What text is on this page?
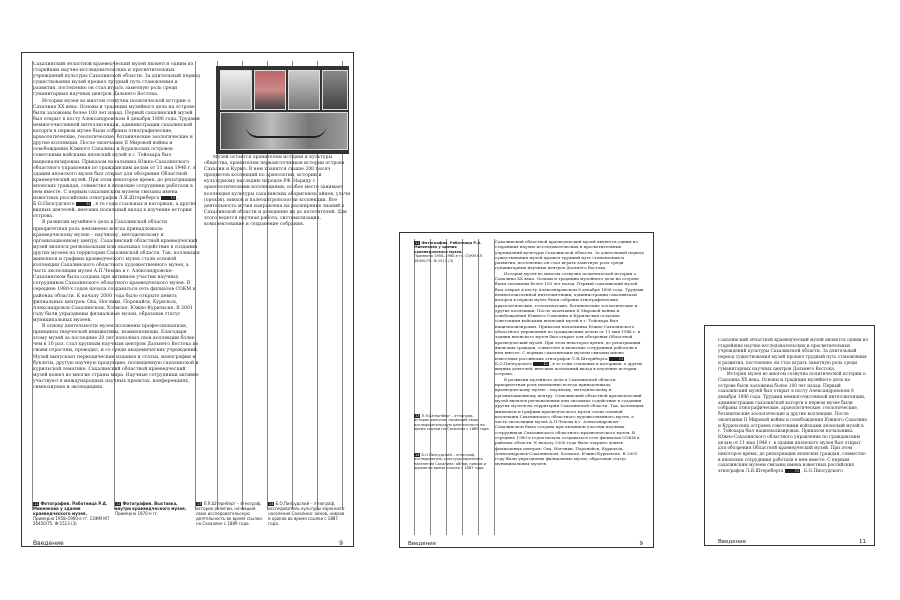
Сахалинский областной краеведческий музей является одним из старейших научно-исследовательских и просветительных учреждений культуры Сахалинской области. За длительный период существования музей прошел трудный путь становления и развития, постепенно он стал играть заметную роль среди гуманитарных научных центров Дальнего Востока.

История музея во многом созвучна политической истории о. Сахалина XX века. Основы и традиции музейного дела на острове были заложены более 100 лет назад. Первый сахалинский музей был открыт в посту Александровском 8 декабря 1896 года. Трудами немногочисленной интеллигенции, администрации сахалинской каторги в первом музее были собраны этнографические, археологические, геологические, ботанические зоологические и другие коллекции. После окончания II Мировой войны и освобождения Южного Сахалина и Курильских островов советскими войсками японский музей в г. Тойохара был национализирован. Приказом начальника Южно-Сахалинского областного управления по гражданским делам от 11 мая 1946 г. в здании японского музея был открыт для обозрения Областной краеведческий музей. При этом некоторое время, до репатриации японских граждан, совместно в японские сотрудники работали в нем вместе. С первым сахалинским музеем связаны имена известных российских этнографов Л.Я.Штернберга	11 , Б.О.Пилсудского	12 , в те годы ссыльных и каторжан, а других видных деятелей, внесших посильный вклад в изучение истории острова.

В развитии музейного дела в Сахалинской области приоритетная роль неизменно всегда принадлежала краеведческому музею – научному, методическому и организационному центру. Сахалинский областной краеведческий музей являлся региональным или оказывал содействие в создании других музеев на территории Сахалинской области. Так, коллекция живописи и графики краеведческого музея стали основой коллекции Сахалинского областного художественного музея, а часть экспозиции музея А.П.Чехова в г. Александровске-Сахалинском была создана при активном участии научных сотрудников Сахалинского областного краеведческого музея. В середине 1980-х годов начала создаваться сеть филиалов СОКМ в районах области. К началу 2000 года было открыто девять филиальных центров: Оха, Ноглики, Поронайск, Курильск, Александровск-Сахалинском, Холмске, Южно-Курильске. В 2001 году были упразднены филиальные музеи, образовав статус муниципальных музеев.

В основу деятельности музея положены профессионализм, принципы творческой инициативы, взаимопомощи. Благодаря этому музей за последние 20 лет пополнил свои коллекции более чем в 10 раз, стал крупным научным центром Дальнего Востока по своим отраслям, проводил, и со среди академических учреждений. Музей выпускает периодические издания и статьи, монографии и буклеты, другую научную продукцию, посвященную сахалинской и курильской тематике. Сахалинский областной краеведческий музей вошел во многие страны мира. Научные сотрудники активно участвуют в международных научных проектах, конференциях, симпозиумах и экспедициях.

Музей остается хранителем истории и культуры общества, хранителем первоисточников истории острова Сахалин и Курил. В нем хранятся свыше 200 тысяч предметов коллекций по археологии, истории и культурному наследию народов РФ. Наряду с археологическими коллекциями, особое место занимает коллекция культуры сахалинских аборигенов: айнов, ульчи (орохов), нивхов и палеоантропологии коллекции. Все деятельность музея направлена на расширение знаний о Сахалинской области и доведение их до посетителей. Для этого ведется научная работа, систематизация, комплектование и сохранение собрания.

11 Фотография. Работница Р.А. Миненкова у здания краеведческого музея.
Примерно 1958–1960-е гг. СОКМ КП 26450/75. Ф-1513 (3)
12 Фотография. Выставка, внутри краеведческого музея.
Примерно 1970-е гг.
13 Л.Я.Штернберг – этнограф, историк религии, начавший свою исследовательскую деятельность во время ссылки на Сахалине с 1889 года.
14 Б.О.Пилсудский – этнограф, исследователь культуры коренного населения Сахалина: айнов, нивхов и ороков во время ссылки с 1887 года.
Введение	9
11 Фотография. Работница Р.А. Миненкова у здания краеведческого музея.
Примерно 1958–1960-е гг. СОКМ КП 26450/75. Ф-1513 (3)
13 Л.Я.Штернберг – этнограф, историк религии, начавший свою исследовательскую деятельность во время ссылки на Сахалине с 1889 года.
14 Б.О.Пилсудский – этнограф, исследователь культуры коренного населения Сахалина: айнов, нивхов и ороков во время ссылки с 1887 года.

Сахалинский областной краеведческий музей является одним из старейших научно-исследовательских и просветительных учреждений культуры Сахалинской области. За длительный период существования музей прошел трудный путь становления и развития, постепенно он стал играть заметную роль среди гуманитарных научных центров Дальнего Востока.

История музея во многом созвучна политической истории о. Сахалина XX века. Основы и традиции музейного дела на острове были заложены более 100 лет назад. Первый сахалинский музей был открыт в посту Александровском 8 декабря 1896 года. Трудами немногочисленной интеллигенции, администрации сахалинской каторги в первом музее были собраны этнографические, археологические, геологические, ботанические зоологические и другие коллекции. После окончания II Мировой войны и освобождения Южного Сахалина и Курильских островов советскими войсками японский музей в г. Тойохара был национализирован. Приказом начальника Южно-Сахалинского областного управления по гражданским делам от 11 мая 1946 г. в здании японского музея был открыт для обозрения Областной краеведческий музей. При этом некоторое время, до репатриации японских граждан, совместно в японские сотрудники работали в нем вместе. С первым сахалинским музеем связаны имена известных российских этнографов Л.Я.Штернберга	11 , Б.О.Пилсудского	12 , в те годы ссыльных и каторжан, а других видных деятелей, внесших посильный вклад в изучение истории острова.

В развитии музейного дела в Сахалинской области приоритетная роль неизменно всегда принадлежала краеведческому музею – научному, методическому и организационному центру. Сахалинский областной краеведческий музей являлся региональным или оказывал содействие в создании других музеев на территории Сахалинской области. Так, коллекция живописи и графики краеведческого музея стали основой коллекции Сахалинского областного художественного музея, а часть экспозиции музея А.П.Чехова в г. Александровске-Сахалинском была создана при активном участии научных сотрудников Сахалинского областного краеведческого музея. В середине 1980-х годов начала создаваться сеть филиалов СОКМ в районах области. К началу 2000 года было открыто девять филиальных центров: Оха, Ноглики, Поронайск, Курильск, Александровск-Сахалинском, Холмске, Южно-Курильске. В 2001 году были упразднены филиальные музеи, образовав статус муниципальных музеев.

Введение	9

Сахалинский областной краеведческий музей является одним из старейших научно-исследовательских и просветительных учреждений культуры Сахалинской области. За длительный период существования музей прошел трудный путь становления и развития, постепенно он стал играть заметную роль среди гуманитарных научных центров Дальнего Востока.

История музея во многом созвучна политической истории о. Сахалина XX века. Основы и традиции музейного дела на острове были заложены более 100 лет назад. Первый сахалинский музей был открыт в посту Александровском 8 декабря 1896 года. Трудами немногочисленной интеллигенции, администрации сахалинской каторги в первом музее были собраны этнографические, археологические, геологические, ботанические зоологические и другие коллекции. После окончания II Мировой войны и освобождения Южного Сахалина и Курильских островов советскими войсками японский музей в г. Тойохара был национализирован. Приказом начальника Южно-Сахалинского областного управления по гражданским делам от 11 мая 1946 г. в здании японского музея был открыт для обозрения Областной краеведческий музей. При этом некоторое время, до репатриации японских граждан, совместно в японские сотрудники работали в нем вместе. С первым сахалинским музеем связаны имена известных российских этнографов Л.Я.Штернберга	11 , Б.О.Пилсудского

Введение	11
